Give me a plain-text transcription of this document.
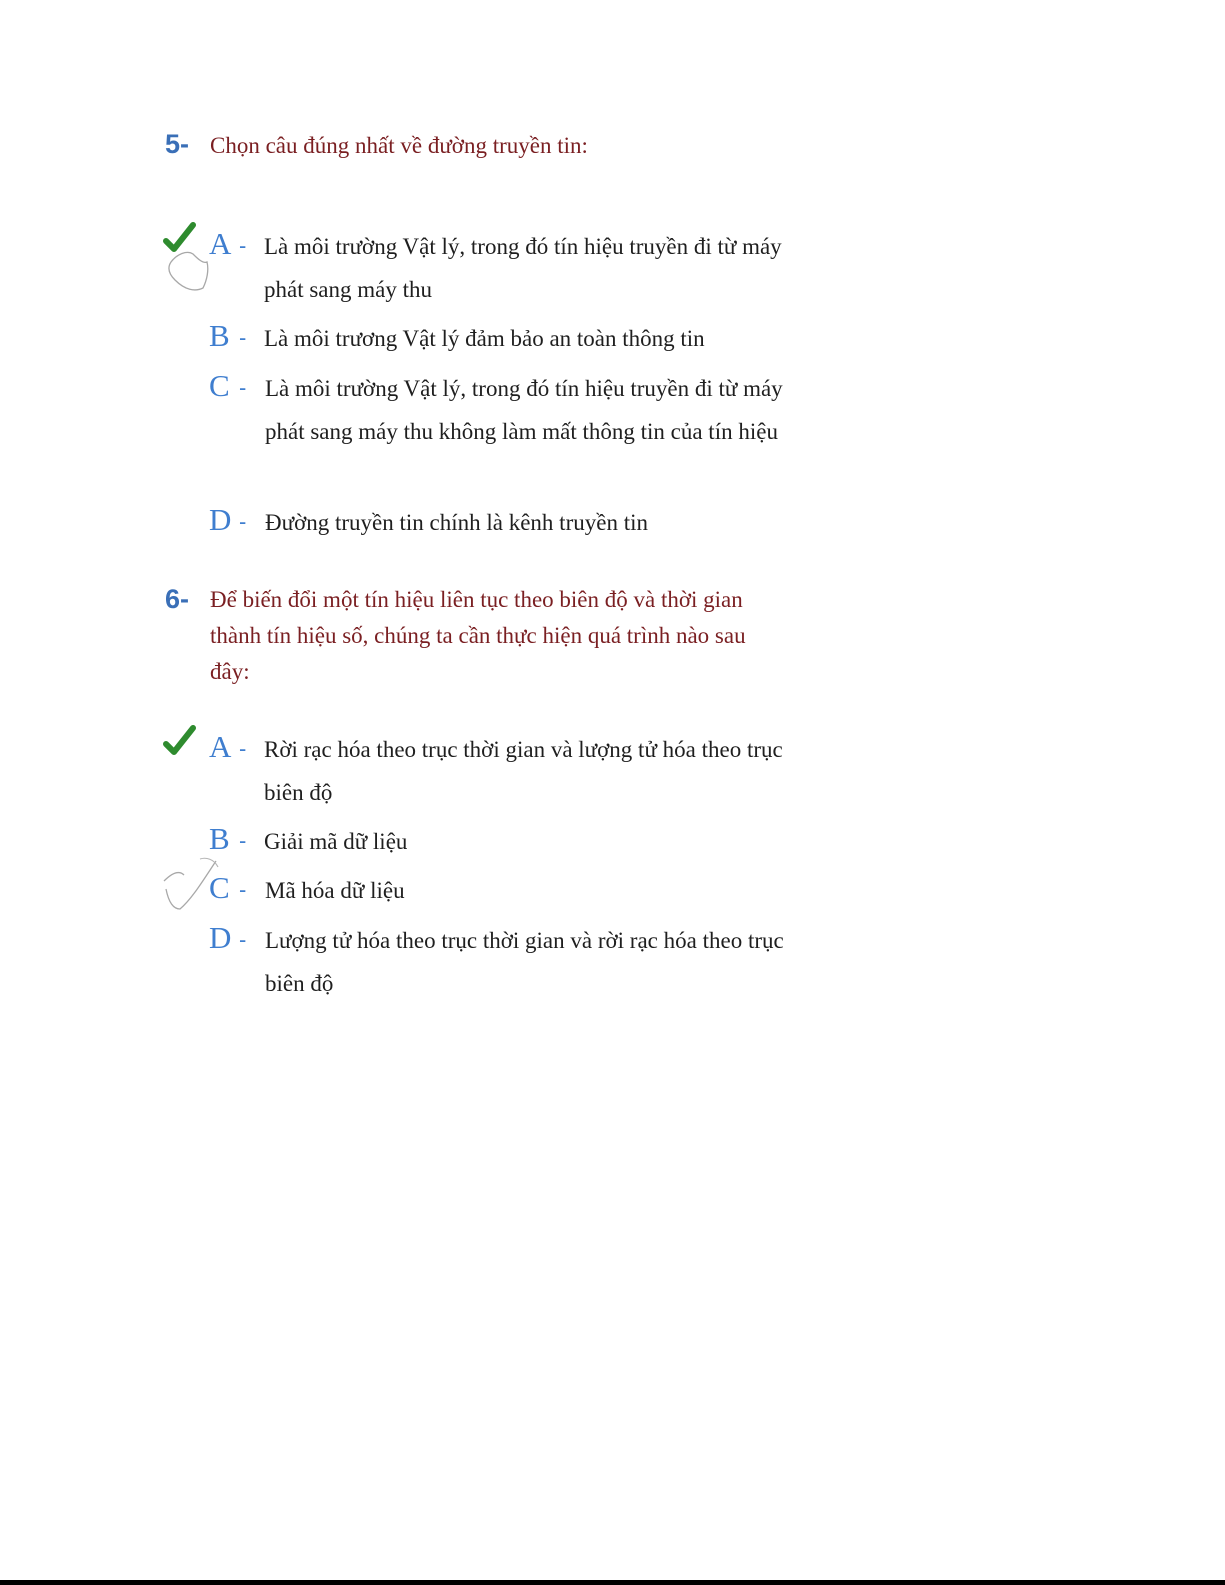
5- Chọn câu đúng nhất về đường truyền tin:
A - Là môi trường Vật lý, trong đó tín hiệu truyền đi từ máy phát sang máy thu
B - Là môi trương Vật lý đảm bảo an toàn thông tin
C - Là môi trường Vật lý, trong đó tín hiệu truyền đi từ máy phát sang máy thu không làm mất thông tin của tín hiệu
D - Đường truyền tin chính là kênh truyền tin
6- Để biến đổi một tín hiệu liên tục theo biên độ và thời gian thành tín hiệu số, chúng ta cần thực hiện quá trình nào sau đây:
A - Rời rạc hóa theo trục thời gian và lượng tử hóa theo trục biên độ
B - Giải mã dữ liệu
C - Mã hóa dữ liệu
D - Lượng tử hóa theo trục thời gian và rời rạc hóa theo trục biên độ
